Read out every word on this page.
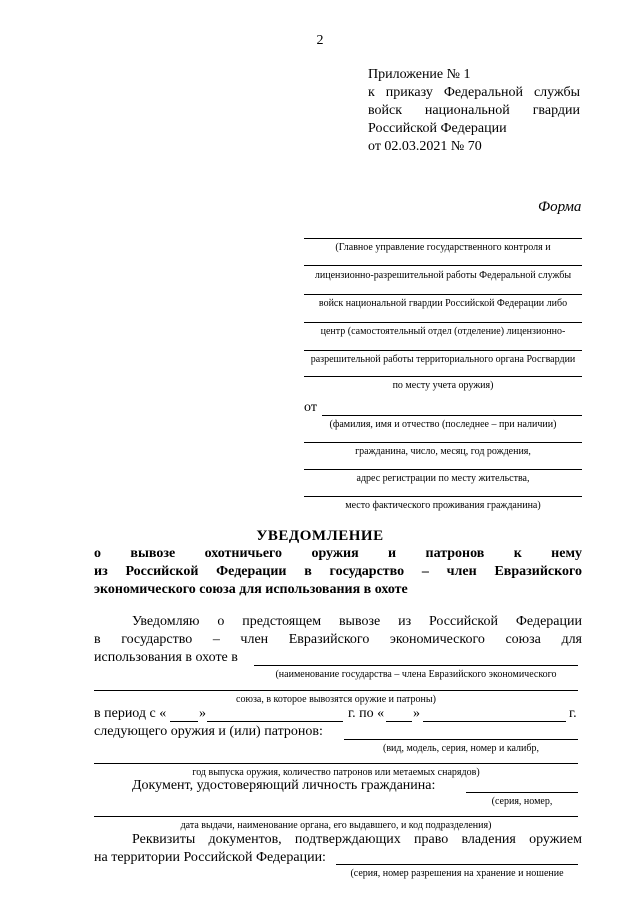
2
Приложение № 1
к приказу Федеральной службы
войск национальной гвардии
Российской Федерации
от 02.03.2021 № 70
Форма
(Главное управление государственного контроля и
лицензионно-разрешительной работы Федеральной службы
войск национальной гвардии Российской Федерации либо
центр (самостоятельный отдел (отделение) лицензионно-
разрешительной работы территориального органа Росгвардии
по месту учета оружия)
от
(фамилия, имя и отчество (последнее – при наличии)
гражданина, число, месяц, год рождения,
адрес регистрации по месту жительства,
место фактического проживания гражданина)
УВЕДОМЛЕНИЕ
о вывозе охотничьего оружия и патронов к нему
из Российской Федерации в государство – член Евразийского
экономического союза для использования в охоте
Уведомляю о предстоящем вывозе из Российской Федерации
в государство – член Евразийского экономического союза для
использования в охоте в
(наименование государства – члена Евразийского экономического
союза, в которое вывозятся оружие и патроны)
в период с « »	г. по « »	г.
следующего оружия и (или) патронов:
(вид, модель, серия, номер и калибр,
год выпуска оружия, количество патронов или метаемых снарядов)
Документ, удостоверяющий личность гражданина:
(серия, номер,
дата выдачи, наименование органа, его выдавшего, и код подразделения)
Реквизиты документов, подтверждающих право владения оружием
на территории Российской Федерации:
(серия, номер разрешения на хранение и ношение
